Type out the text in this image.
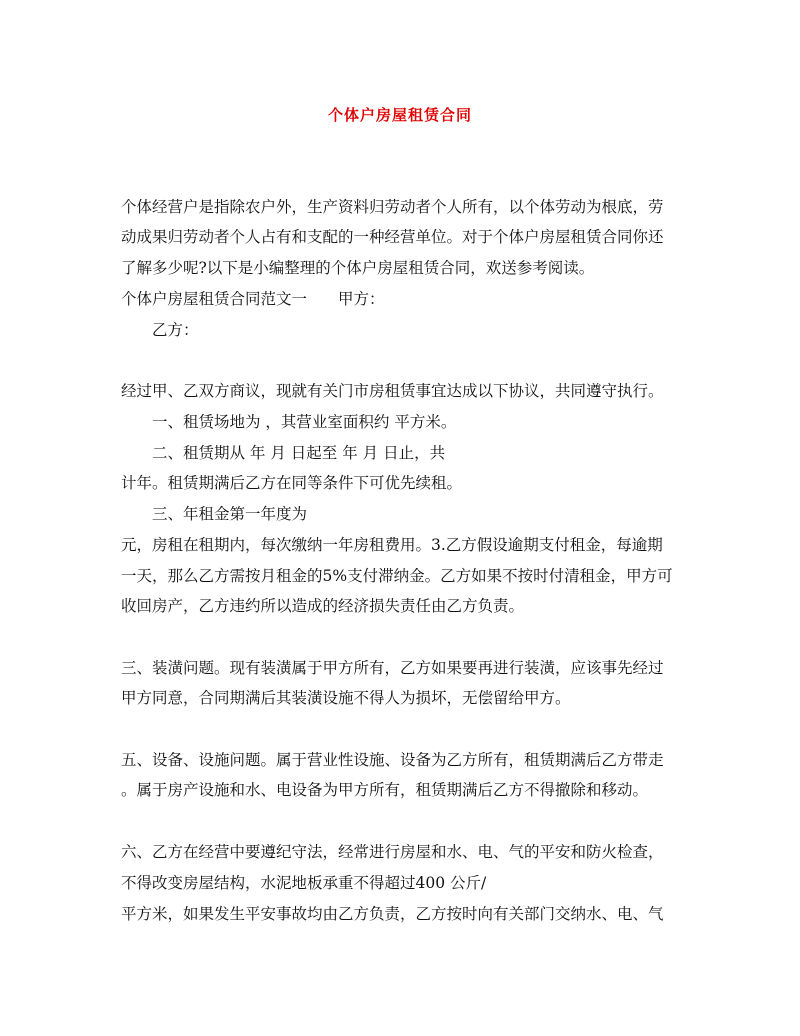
个体户房屋租赁合同
个体经营户是指除农户外，生产资料归劳动者个人所有，以个体劳动为根底，劳
动成果归劳动者个人占有和支配的一种经营单位。对于个体户房屋租赁合同你还
了解多少呢?以下是小编整理的个体户房屋租赁合同，欢送参考阅读。
个体户房屋租赁合同范文一　　甲方：
乙方：
经过甲、乙双方商议，现就有关门市房租赁事宜达成以下协议，共同遵守执行。
一、租赁场地为 ，其营业室面积约 平方米。
二、租赁期从 年 月 日起至 年 月 日止，共
计年。租赁期满后乙方在同等条件下可优先续租。
三、年租金第一年度为
元，房租在租期内，每次缴纳一年房租费用。3.乙方假设逾期支付租金，每逾期
一天，那么乙方需按月租金的5%支付滞纳金。乙方如果不按时付清租金，甲方可
收回房产，乙方违约所以造成的经济损失责任由乙方负责。
三、装潢问题。现有装潢属于甲方所有，乙方如果要再进行装潢，应该事先经过
甲方同意，合同期满后其装潢设施不得人为损坏，无偿留给甲方。
五、设备、设施问题。属于营业性设施、设备为乙方所有，租赁期满后乙方带走
。属于房产设施和水、电设备为甲方所有，租赁期满后乙方不得撤除和移动。
六、乙方在经营中要遵纪守法，经常进行房屋和水、电、气的平安和防火检查，
不得改变房屋结构，水泥地板承重不得超过400 公斤/
平方米，如果发生平安事故均由乙方负责，乙方按时向有关部门交纳水、电、气
